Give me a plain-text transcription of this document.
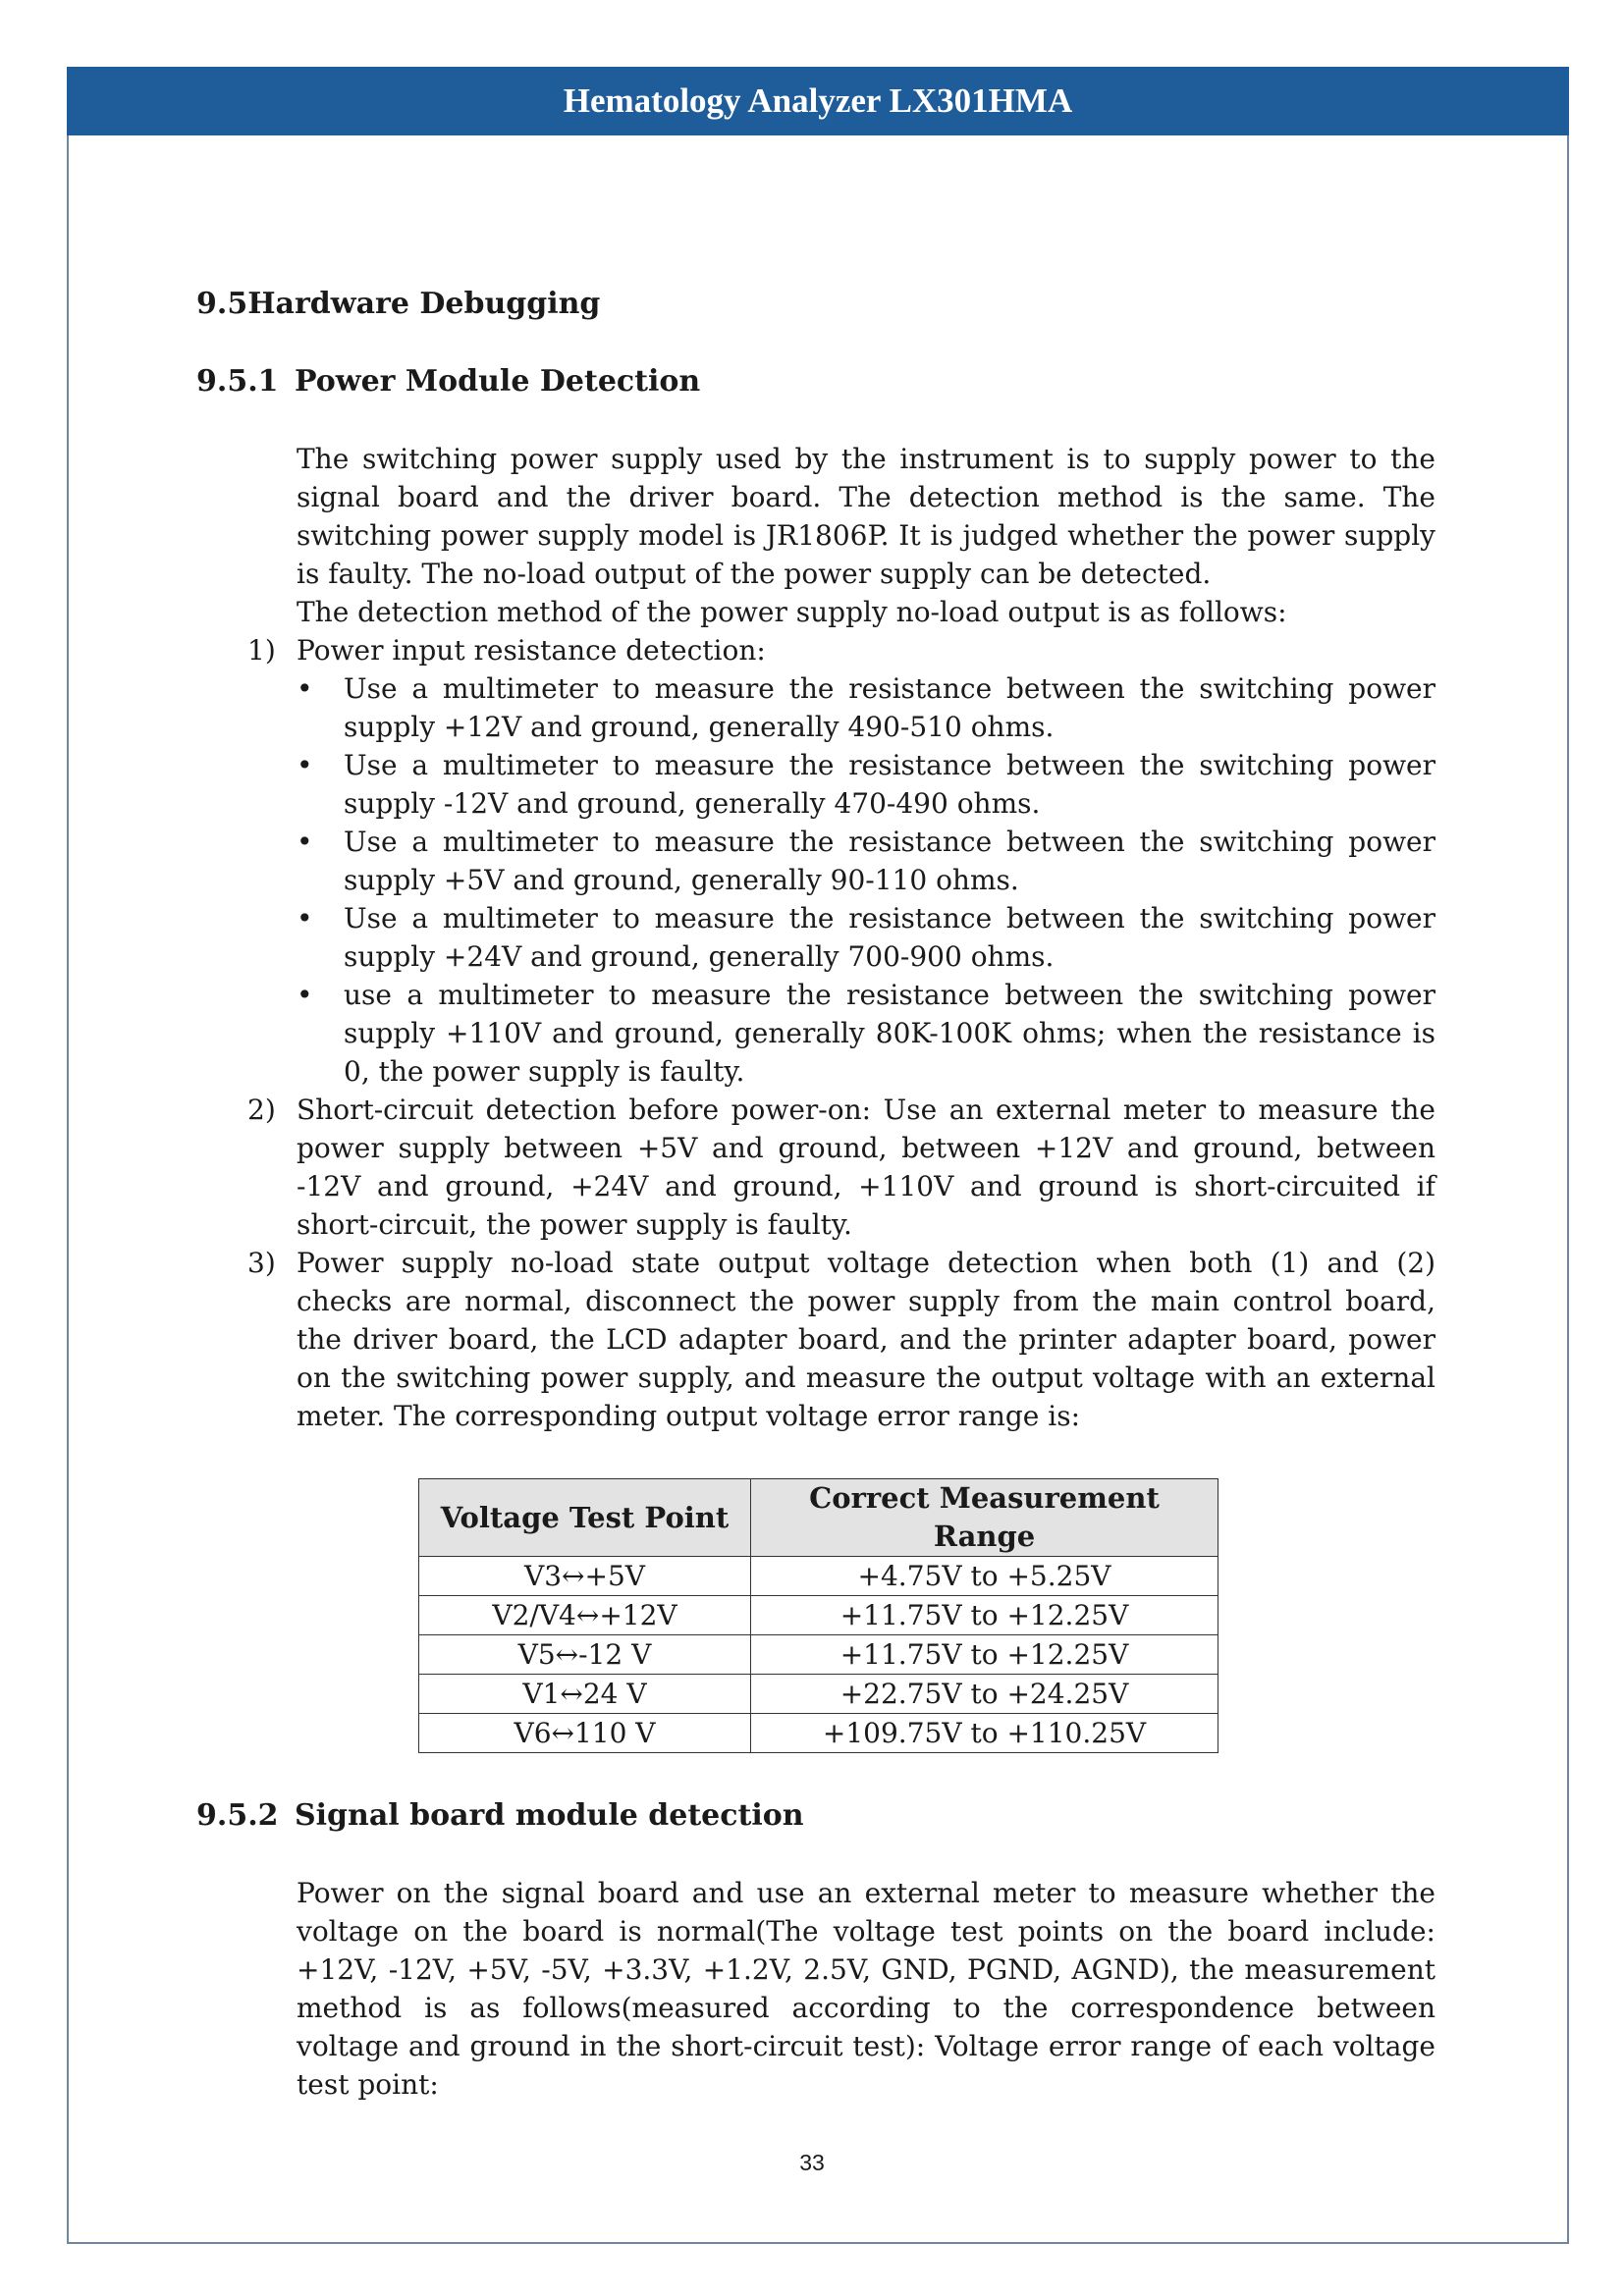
Hematology Analyzer LX301HMA
9.5Hardware Debugging
9.5.1 Power Module Detection

The switching power supply used by the instrument is to supply power to the signal board and the driver board. The detection method is the same. The switching power supply model is JR1806P. It is judged whether the power supply is faulty. The no-load output of the power supply can be detected.

The detection method of the power supply no-load output is as follows:

1) Power input resistance detection:
•	Use a multimeter to measure the resistance between the switching power supply +12V and ground, generally 490-510 ohms.
•	Use a multimeter to measure the resistance between the switching power supply -12V and ground, generally 470-490 ohms.
•	Use a multimeter to measure the resistance between the switching power supply +5V and ground, generally 90-110 ohms.
•	Use a multimeter to measure the resistance between the switching power supply +24V and ground, generally 700-900 ohms.
•	use a multimeter to measure the resistance between the switching power supply +110V and ground, generally 80K-100K ohms; when the resistance is 0, the power supply is faulty.
2) Short-circuit detection before power-on: Use an external meter to measure the power supply between +5V and ground, between +12V and ground, between -12V and ground, +24V and ground, +110V and ground is short-circuited if short-circuit, the power supply is faulty.
3) Power supply no-load state output voltage detection when both (1) and (2) checks are normal, disconnect the power supply from the main control board, the driver board, the LCD adapter board, and the printer adapter board, power on the switching power supply, and measure the output voltage with an external meter. The corresponding output voltage error range is:
Voltage Test Point	Correct Measurement Range
V3↔+5V	+4.75V to +5.25V
V2/V4↔+12V	+11.75V to +12.25V
V5↔-12 V	+11.75V to +12.25V
V1↔24 V	+22.75V to +24.25V
V6↔110 V	+109.75V to +110.25V
9.5.2 Signal board module detection

Power on the signal board and use an external meter to measure whether the voltage on the board is normal(The voltage test points on the board include: +12V, -12V, +5V, -5V, +3.3V, +1.2V, 2.5V, GND, PGND, AGND), the measurement method is as follows(measured according to the correspondence between voltage and ground in the short-circuit test): Voltage error range of each voltage test point:

33
